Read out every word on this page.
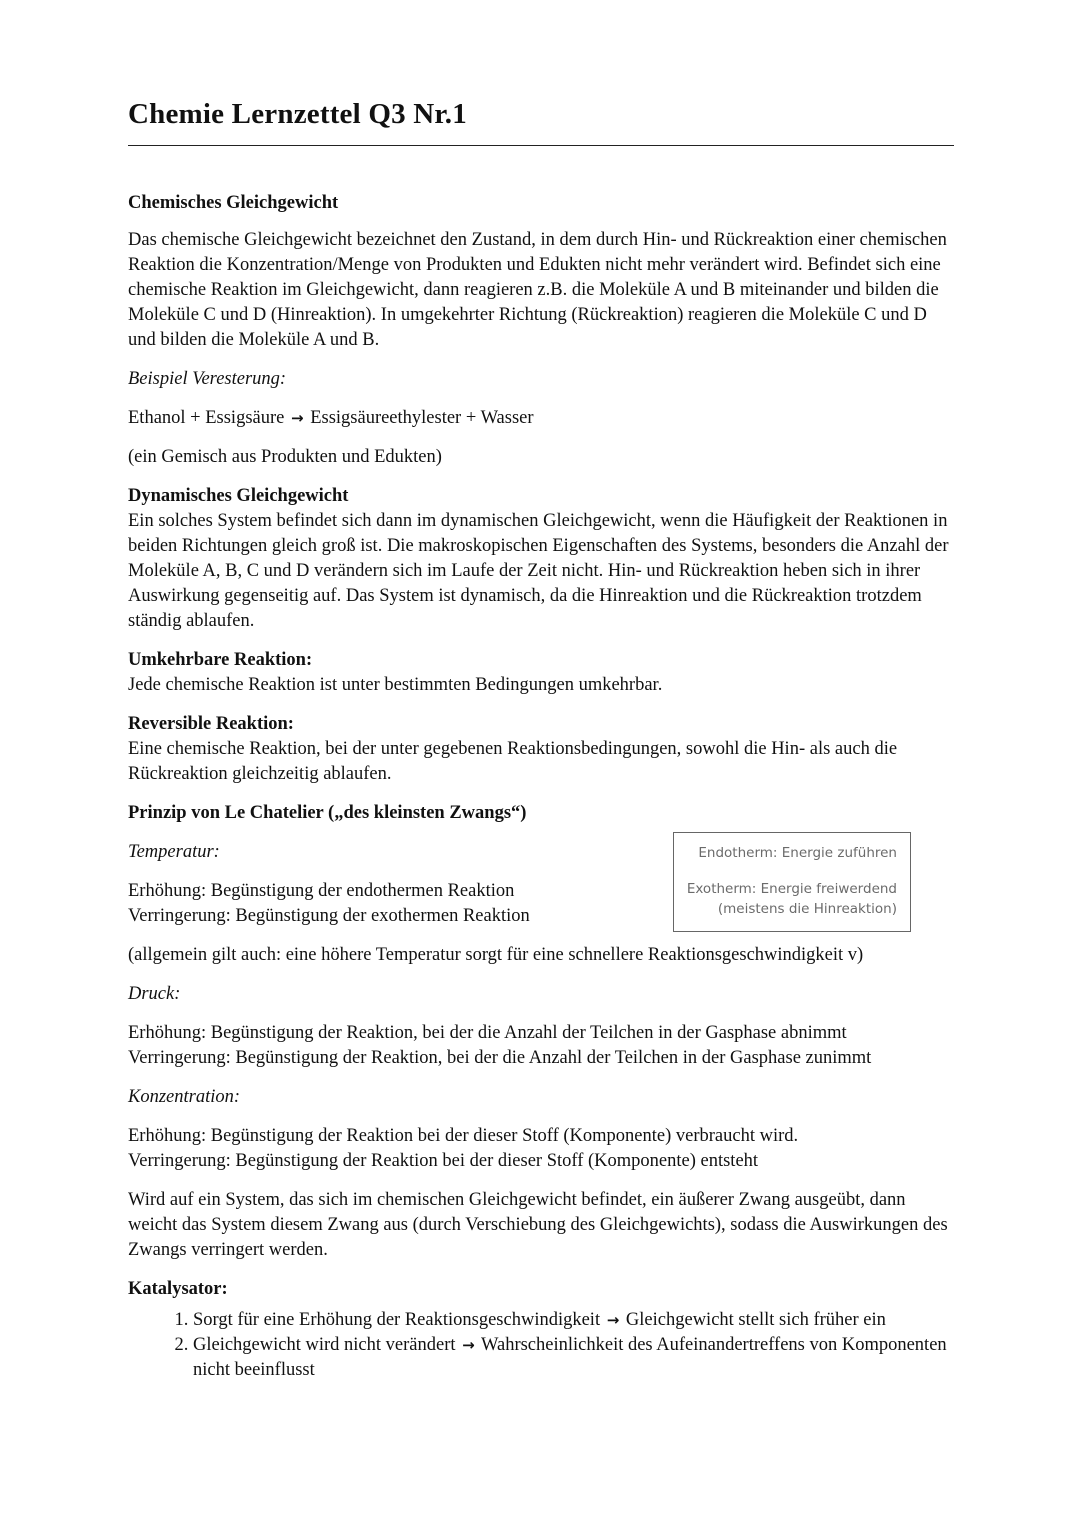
Chemie Lernzettel Q3 Nr.1

Chemisches Gleichgewicht

Das chemische Gleichgewicht bezeichnet den Zustand, in dem durch Hin- und Rückreaktion einer chemischen Reaktion die Konzentration/Menge von Produkten und Edukten nicht mehr verändert wird. Befindet sich eine chemische Reaktion im Gleichgewicht, dann reagieren z.B. die Moleküle A und B miteinander und bilden die Moleküle C und D (Hinreaktion). In umgekehrter Richtung (Rückreaktion) reagieren die Moleküle C und D und bilden die Moleküle A und B.

Beispiel Veresterung:

Ethanol + Essigsäure → Essigsäureethylester + Wasser

(ein Gemisch aus Produkten und Edukten)

Dynamisches Gleichgewicht
Ein solches System befindet sich dann im dynamischen Gleichgewicht, wenn die Häufigkeit der Reaktionen in beiden Richtungen gleich groß ist. Die makroskopischen Eigenschaften des Systems, besonders die Anzahl der Moleküle A, B, C und D verändern sich im Laufe der Zeit nicht. Hin- und Rückreaktion heben sich in ihrer Auswirkung gegenseitig auf. Das System ist dynamisch, da die Hinreaktion und die Rückreaktion trotzdem ständig ablaufen.

Umkehrbare Reaktion:
Jede chemische Reaktion ist unter bestimmten Bedingungen umkehrbar.

Reversible Reaktion:
Eine chemische Reaktion, bei der unter gegebenen Reaktionsbedingungen, sowohl die Hin- als auch die Rückreaktion gleichzeitig ablaufen.

Prinzip von Le Chatelier („des kleinsten Zwangs“)

Temperatur:

Erhöhung: Begünstigung der endothermen Reaktion
Verringerung: Begünstigung der exothermen Reaktion

(allgemein gilt auch: eine höhere Temperatur sorgt für eine schnellere Reaktionsgeschwindigkeit v)

Druck:

Erhöhung: Begünstigung der Reaktion, bei der die Anzahl der Teilchen in der Gasphase abnimmt
Verringerung: Begünstigung der Reaktion, bei der die Anzahl der Teilchen in der Gasphase zunimmt

Konzentration:

Erhöhung: Begünstigung der Reaktion bei der dieser Stoff (Komponente) verbraucht wird.
Verringerung: Begünstigung der Reaktion bei der dieser Stoff (Komponente) entsteht

Wird auf ein System, das sich im chemischen Gleichgewicht befindet, ein äußerer Zwang ausgeübt, dann weicht das System diesem Zwang aus (durch Verschiebung des Gleichgewichts), sodass die Auswirkungen des Zwangs verringert werden.

Katalysator:

1. Sorgt für eine Erhöhung der Reaktionsgeschwindigkeit → Gleichgewicht stellt sich früher ein
2. Gleichgewicht wird nicht verändert → Wahrscheinlichkeit des Aufeinandertreffens von Komponenten nicht beeinflusst
Endotherm: Energie zuführen
Exotherm: Energie freiwerdend
(meistens die Hinreaktion)
